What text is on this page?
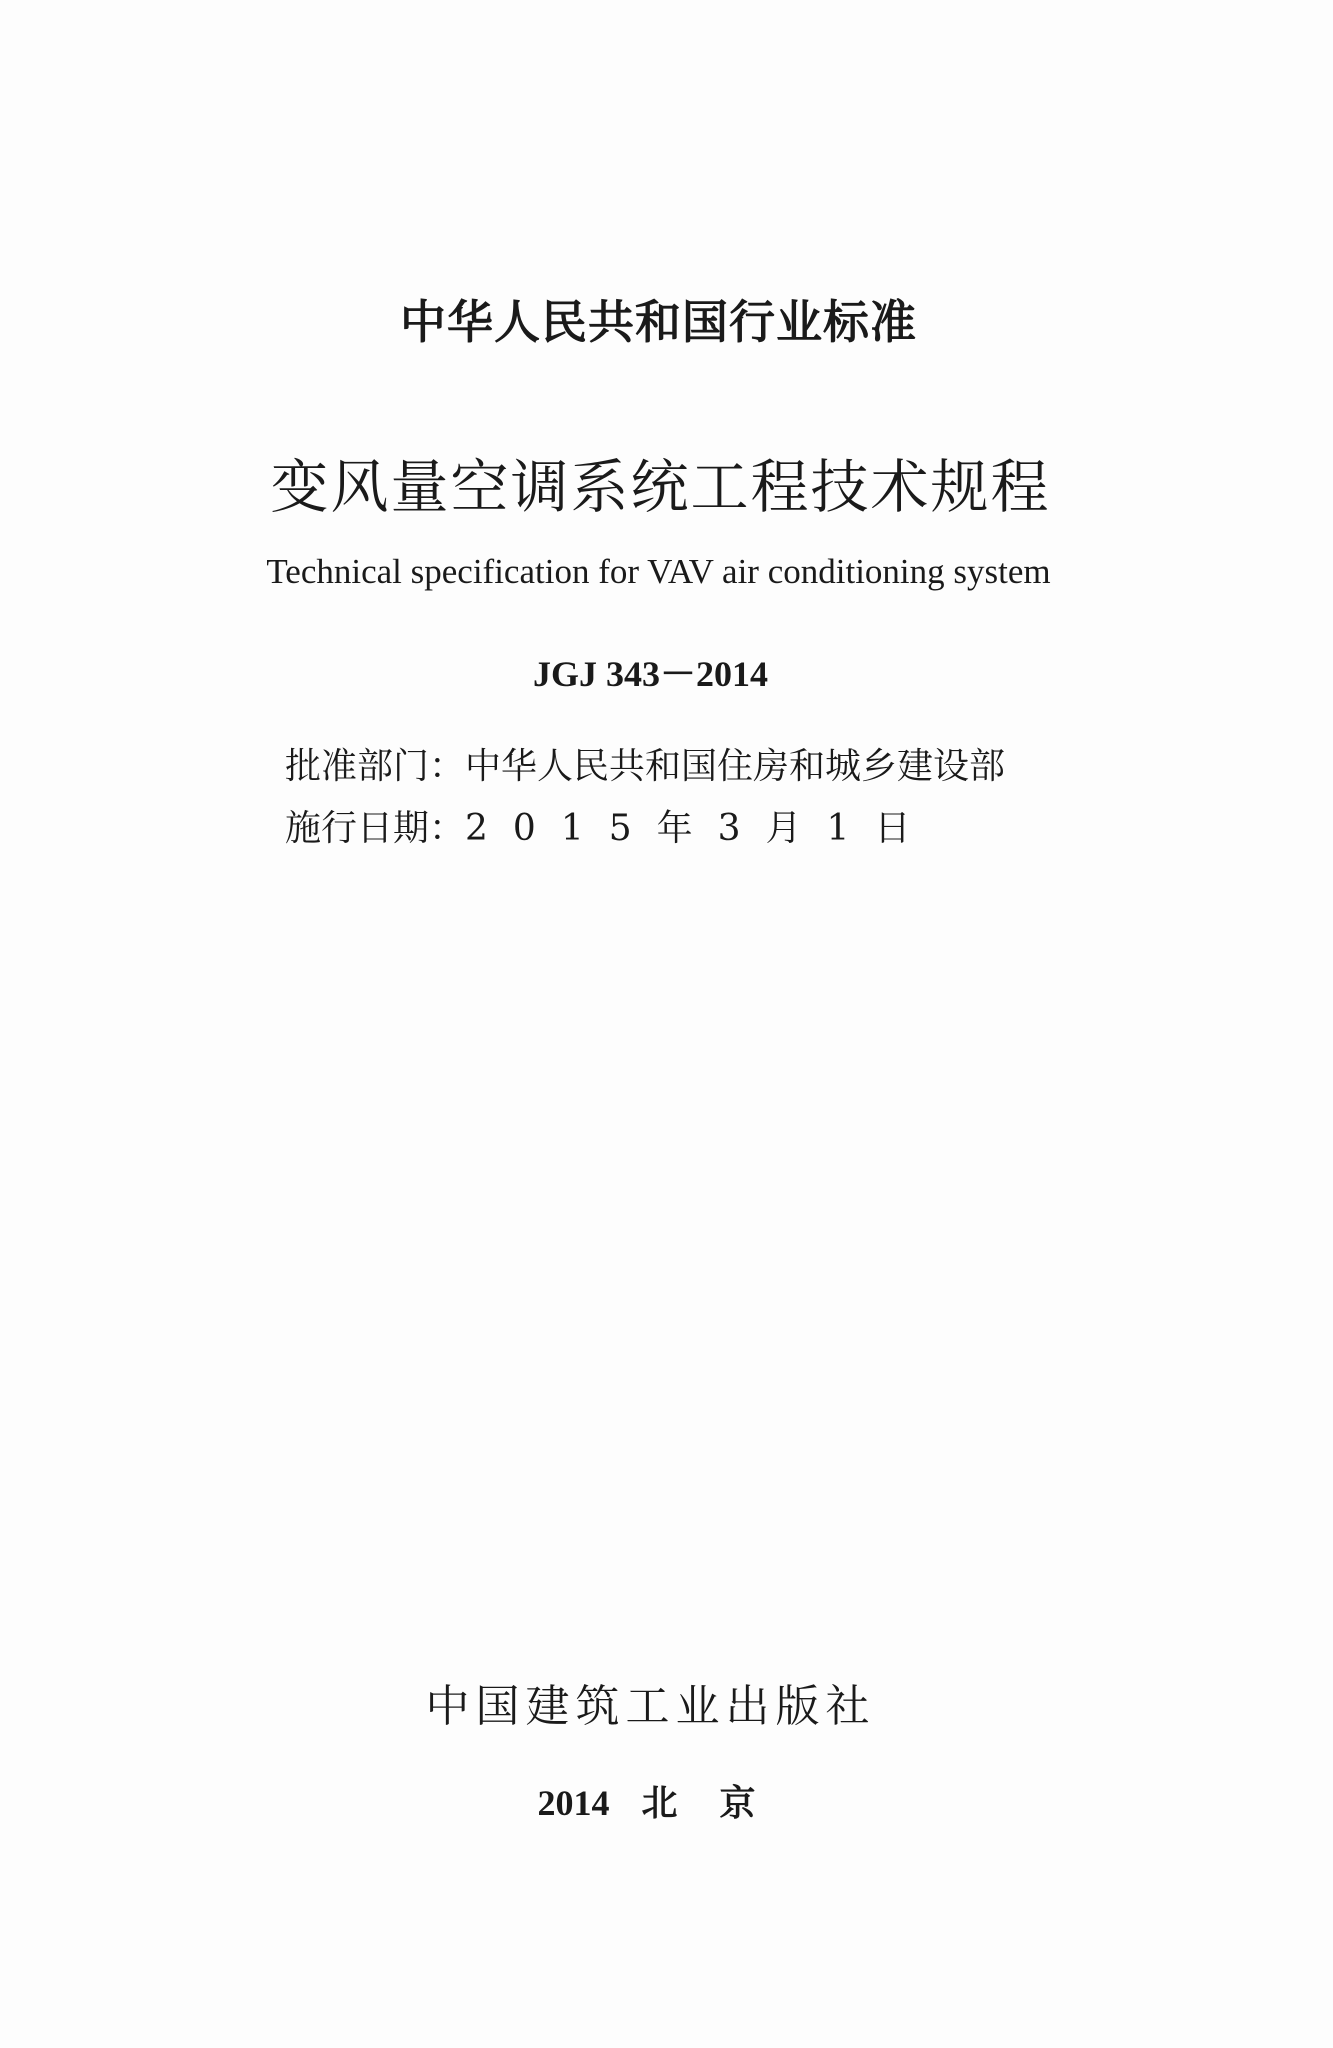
中华人民共和国行业标准
变风量空调系统工程技术规程
Technical specification for VAV air conditioning system
JGJ 343－2014
批准部门：中华人民共和国住房和城乡建设部
施行日期：2015年3月1日
中国建筑工业出版社
2014 北 京
